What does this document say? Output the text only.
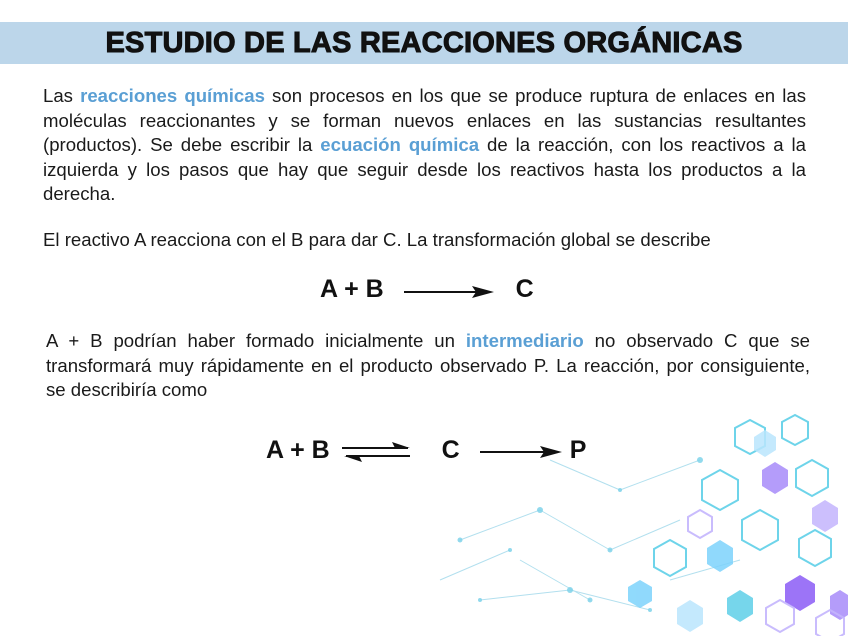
ESTUDIO DE LAS REACCIONES ORGÁNICAS

Las reacciones químicas son procesos en los que se produce ruptura de enlaces en las moléculas reaccionantes y se forman nuevos enlaces en las sustancias resultantes (productos). Se debe escribir la ecuación química de la reacción, con los reactivos a la izquierda y los pasos que hay que seguir desde los reactivos hasta los productos a la derecha.

El reactivo A reacciona con el B para dar C. La transformación global se describe

A + B	C

A + B podrían haber formado inicialmente un intermediario no observado C que se transformará muy rápidamente en el producto observado P. La reacción, por consiguiente, se describiría como

A + B ⇌ C	P
